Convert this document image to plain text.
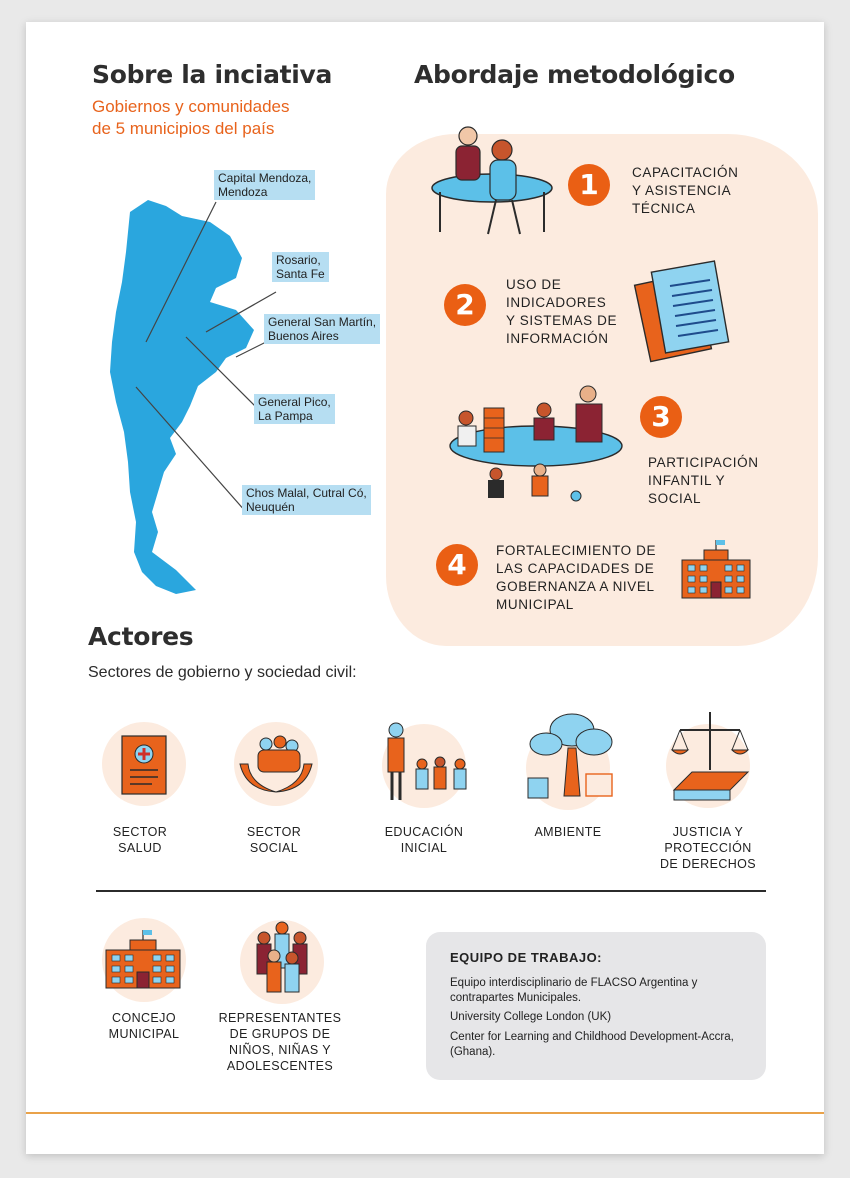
Sobre la inciativa
Gobiernos y comunidades
de 5 municipios del país
Capital Mendoza,
Mendoza
Rosario,
Santa Fe
General San Martín,
Buenos Aires
General Pico,
La Pampa
Chos Malal, Cutral Có,
Neuquén
Abordaje metodológico
1	CAPACITACIÓN
Y ASISTENCIA
TÉCNICA
2
USO DE
INDICADORES
Y SISTEMAS DE
INFORMACIÓN
3
PARTICIPACIÓN
INFANTIL Y
SOCIAL
4	FORTALECIMIENTO DE
LAS CAPACIDADES DE
GOBERNANZA A NIVEL
MUNICIPAL
Actores
Sectores de gobierno y sociedad civil:
SECTOR
SALUD
SECTOR
SOCIAL
EDUCACIÓN
INICIAL
AMBIENTE	JUSTICIA Y
PROTECCIÓN
DE DERECHOS
CONCEJO
MUNICIPAL
REPRESENTANTES
DE GRUPOS DE
NIÑOS, NIÑAS Y
ADOLESCENTES
EQUIPO DE TRABAJO:
Equipo interdisciplinario de FLACSO Argentina y
contrapartes Municipales.
University College London (UK)
Center for Learning and Childhood Development-Accra,
(Ghana).
